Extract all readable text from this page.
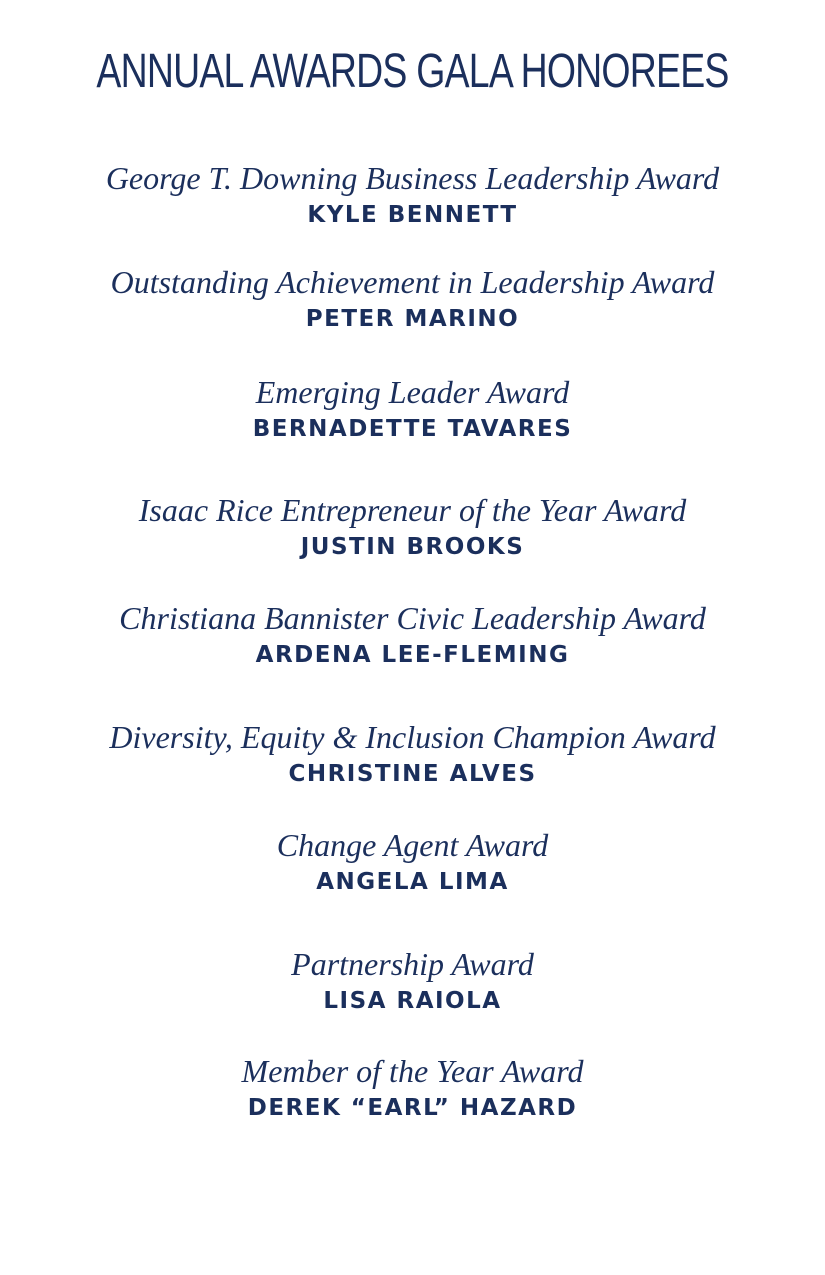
ANNUAL AWARDS GALA HONOREES
George T. Downing Business Leadership Award
KYLE BENNETT
Outstanding Achievement in Leadership Award
PETER MARINO
Emerging Leader Award
BERNADETTE TAVARES
Isaac Rice Entrepreneur of the Year Award
JUSTIN BROOKS
Christiana Bannister Civic Leadership Award
ARDENA LEE-FLEMING
Diversity, Equity & Inclusion Champion Award
CHRISTINE ALVES
Change Agent Award
ANGELA LIMA
Partnership Award
LISA RAIOLA
Member of the Year Award
DEREK “EARL” HAZARD
